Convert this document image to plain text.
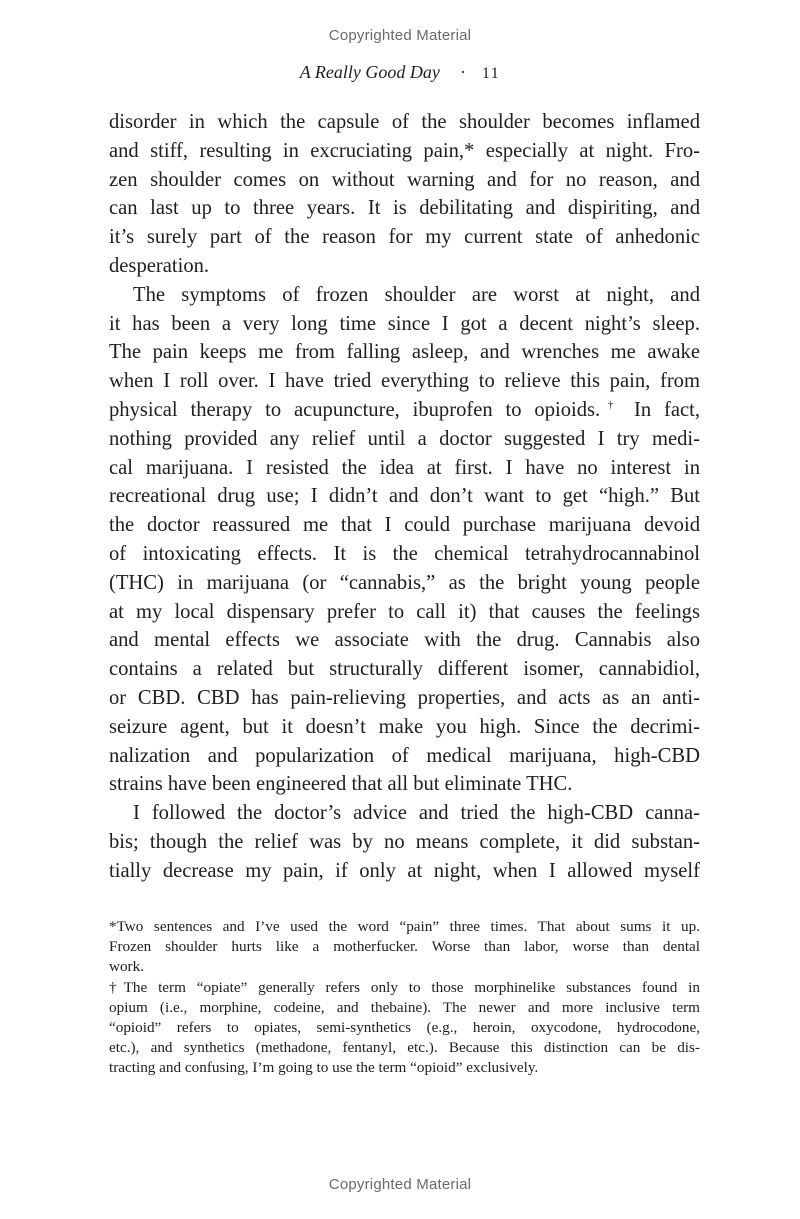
Copyrighted Material
A Really Good Day · 11

disorder in which the capsule of the shoulder becomes inflamed
and stiff, resulting in excruciating pain,* especially at night. Fro-
zen shoulder comes on without warning and for no reason, and
can last up to three years. It is debilitating and dispiriting, and
it’s surely part of the reason for my current state of anhedonic
desperation.

The symptoms of frozen shoulder are worst at night, and
it has been a very long time since I got a decent night’s sleep.
The pain keeps me from falling asleep, and wrenches me awake
when I roll over. I have tried everything to relieve this pain, from
physical therapy to acupuncture, ibuprofen to opioids.† In fact,
nothing provided any relief until a doctor suggested I try medi-
cal marijuana. I resisted the idea at first. I have no interest in
recreational drug use; I didn’t and don’t want to get “high.” But
the doctor reassured me that I could purchase marijuana devoid
of intoxicating effects. It is the chemical tetrahydrocannabinol
(THC) in marijuana (or “cannabis,” as the bright young people
at my local dispensary prefer to call it) that causes the feelings
and mental effects we associate with the drug. Cannabis also
contains a related but structurally different isomer, cannabidiol,
or CBD. CBD has pain-relieving properties, and acts as an anti-
seizure agent, but it doesn’t make you high. Since the decrimi-
nalization and popularization of medical marijuana, high-CBD
strains have been engineered that all but eliminate THC.

I followed the doctor’s advice and tried the high-CBD canna-
bis; though the relief was by no means complete, it did substan-
tially decrease my pain, if only at night, when I allowed myself

*Two sentences and I’ve used the word “pain” three times. That about sums it up.
Frozen shoulder hurts like a motherfucker. Worse than labor, worse than dental
work.
†The term “opiate” generally refers only to those morphinelike substances found in
opium (i.e., morphine, codeine, and thebaine). The newer and more inclusive term
“opioid” refers to opiates, semi-synthetics (e.g., heroin, oxycodone, hydrocodone,
etc.), and synthetics (methadone, fentanyl, etc.). Because this distinction can be dis-
tracting and confusing, I’m going to use the term “opioid” exclusively.
Copyrighted Material
